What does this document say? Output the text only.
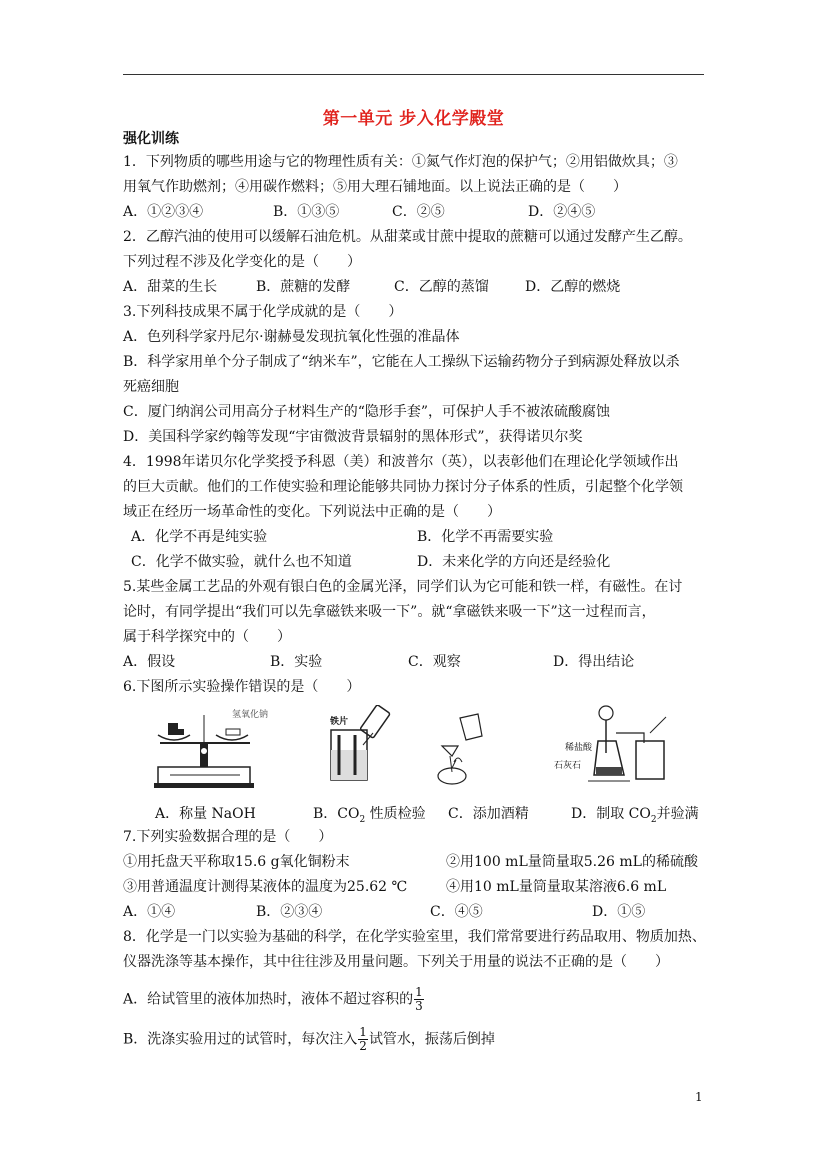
第一单元 步入化学殿堂
强化训练
1．下列物质的哪些用途与它的物理性质有关：①氮气作灯泡的保护气；②用铝做炊具；③
用氧气作助燃剂；④用碳作燃料；⑤用大理石铺地面。以上说法正确的是（　　）
A．①②③④	B．①③⑤	C．②⑤	D．②④⑤
2．乙醇汽油的使用可以缓解石油危机。从甜菜或甘蔗中提取的蔗糖可以通过发酵产生乙醇。
下列过程不涉及化学变化的是（　　）
A．甜菜的生长	B．蔗糖的发酵	C．乙醇的蒸馏	D．乙醇的燃烧
3.下列科技成果不属于化学成就的是（　　）
A．色列科学家丹尼尔·谢赫曼发现抗氧化性强的准晶体
B．科学家用单个分子制成了“纳米车”，它能在人工操纵下运输药物分子到病源处释放以杀
死癌细胞
C．厦门纳润公司用高分子材料生产的“隐形手套”，可保护人手不被浓硫酸腐蚀
D．美国科学家约翰等发现“宇宙微波背景辐射的黑体形式”，获得诺贝尔奖
4．1998年诺贝尔化学奖授予科恩（美）和波普尔（英），以表彰他们在理论化学领域作出
的巨大贡献。他们的工作使实验和理论能够共同协力探讨分子体系的性质，引起整个化学领
域正在经历一场革命性的变化。下列说法中正确的是（　　）
A．化学不再是纯实验	B．化学不再需要实验
C．化学不做实验，就什么也不知道	D．未来化学的方向还是经验化
5.某些金属工艺品的外观有银白色的金属光泽，同学们认为它可能和铁一样，有磁性。在讨
论时，有同学提出“我们可以先拿磁铁来吸一下”。就“拿磁铁来吸一下”这一过程而言，
属于科学探究中的（　　）
A．假设	B．实验	C．观察	D．得出结论
6.下图所示实验操作错误的是（　　）
氢氧化钠
铁片
稀盐酸
石灰石
A．称量 NaOH	B．$CO_2$ 性质检验 C．添加酒精	D．制取 $CO_2$并验满
7.下列实验数据合理的是（　　）
①用托盘天平称取15.6 g氧化铜粉末	②用100 mL量筒量取5.26 mL的稀硫酸
③用普通温度计测得某液体的温度为25.62 ℃	④用10 mL量筒量取某溶液6.6 mL
A．①④	B．②③④	C．④⑤	D．①⑤
8．化学是一门以实验为基础的科学，在化学实验室里，我们常常要进行药品取用、物质加热、
仪器洗涤等基本操作，其中往往涉及用量问题。下列关于用量的说法不正确的是（　　）
A．给试管里的液体加热时，液体不超过容积的 $\frac{1}{3}$
B．洗涤实验用过的试管时，每次注入 $\frac{1}{2}$ 试管水，振荡后倒掉
1
